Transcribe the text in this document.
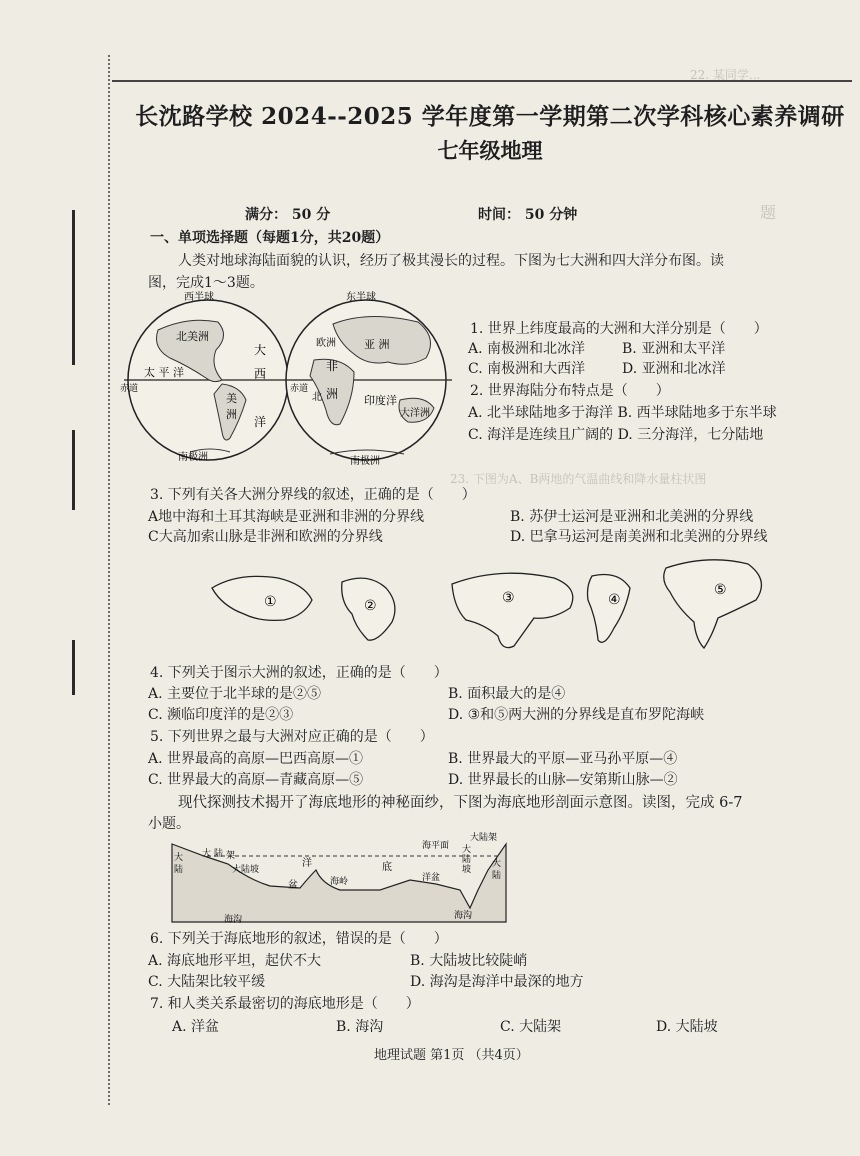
22. 某同学...
题
23. 下图为A、B两地的气温曲线和降水量柱状图
长沈路学校 2024--2025 学年度第一学期第二次学科核心素养调研
七年级地理
满分： 50 分	时间： 50 分钟
一、单项选择题（每题1分，共20题）
人类对地球海陆面貌的认识，经历了极其漫长的过程。下图为七大洲和四大洋分布图。读
图，完成1～3题。
西半球	东半球
赤道	赤道
北美洲
大
太 平 洋	西
洋
美
洲
南极洲
亚 洲
欧洲
非
洲 印度洋
大洋洲
南极洲
北
1. 世界上纬度最高的大洲和大洋分别是（　　）
A. 南极洲和北冰洋	B. 亚洲和太平洋
C. 南极洲和大西洋	D. 亚洲和北冰洋
2. 世界海陆分布特点是（　　）
A. 北半球陆地多于海洋 B. 西半球陆地多于东半球
C. 海洋是连续且广阔的 D. 三分海洋，七分陆地
3. 下列有关各大洲分界线的叙述，正确的是（　　）
A地中海和土耳其海峡是亚洲和非洲的分界线	B. 苏伊士运河是亚洲和北美洲的分界线
C大高加索山脉是非洲和欧洲的分界线	D. 巴拿马运河是南美洲和北美洲的分界线
①	②	③	④
⑤
4. 下列关于图示大洲的叙述，正确的是（　　）
A. 主要位于北半球的是②⑤	B. 面积最大的是④
C. 濒临印度洋的是②③	D. ③和⑤两大洲的分界线是直布罗陀海峡
5. 下列世界之最与大洲对应正确的是（　　）
A. 世界最高的高原—巴西高原—①	B. 世界最大的平原—亚马孙平原—④
C. 世界最大的高原—青藏高原—⑤	D. 世界最长的山脉—安第斯山脉—②
现代探测技术揭开了海底地形的神秘面纱，下图为海底地形剖面示意图。读图，完成 6-7
小题。
大
陆
大 陆 架
大陆坡
洋
盆	海岭
底
洋盆
海平面 大
陆
坡
大陆架
大
陆
海沟
海沟
6. 下列关于海底地形的叙述，错误的是（　　）
A. 海底地形平坦，起伏不大	B. 大陆坡比较陡峭
C. 大陆架比较平缓	D. 海沟是海洋中最深的地方
7. 和人类关系最密切的海底地形是（　　）
A. 洋盆	B. 海沟	C. 大陆架	D. 大陆坡
地理试题 第1页 （共4页）
